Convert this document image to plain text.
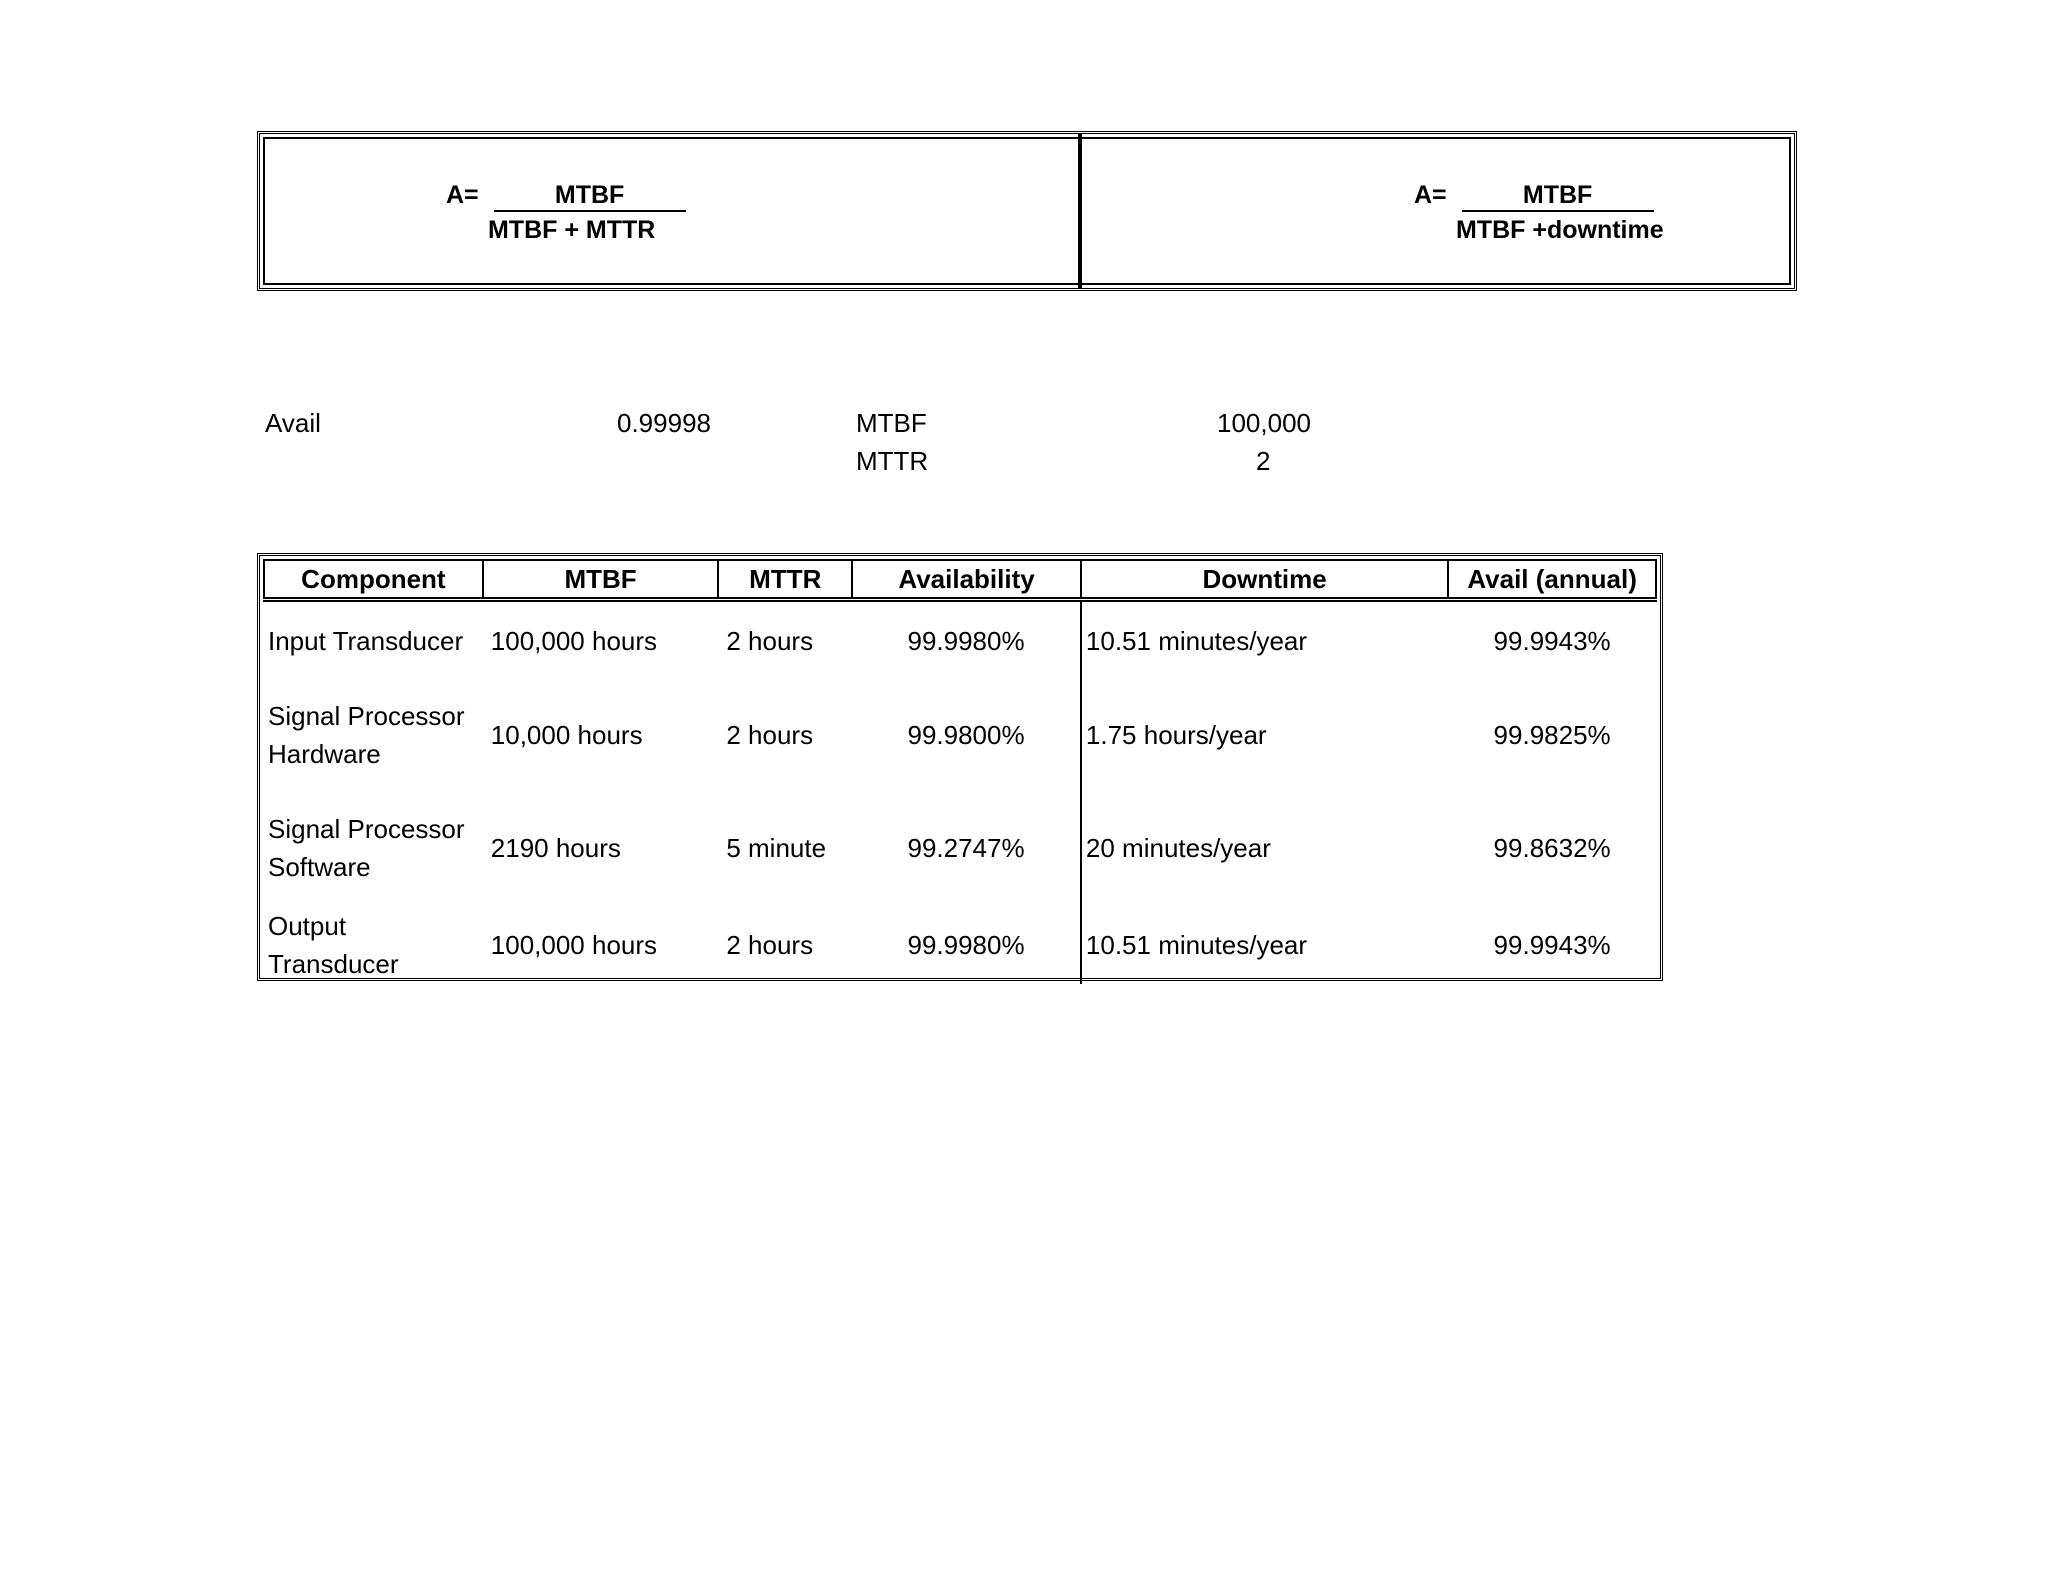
A=	MTBF
MTBF + MTTR
A=	MTBF
MTBF +downtime
Avail	0.99998	MTBF	100,000
MTTR	2
Component	MTBF	MTTR	Availability	Downtime	Avail (annual)
Input Transducer	100,000 hours	2 hours	99.9980%	10.51 minutes/year	99.9943%
Signal Processor
Hardware	10,000 hours	2 hours	99.9800%	1.75 hours/year	99.9825%
Signal Processor
Software	2190 hours	5 minute	99.2747%	20 minutes/year	99.8632%
Output
Transducer	100,000 hours	2 hours	99.9980%	10.51 minutes/year	99.9943%
